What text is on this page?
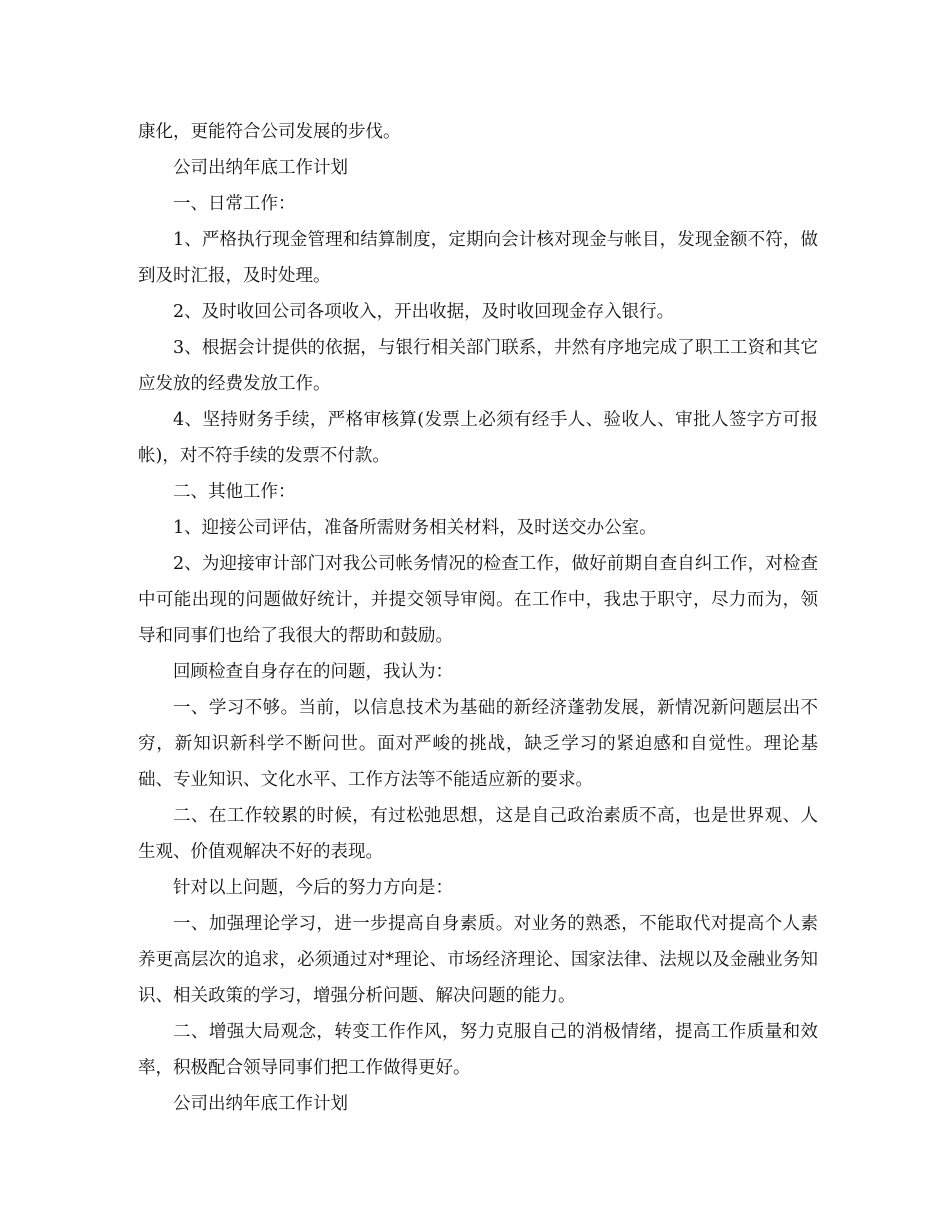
康化，更能符合公司发展的步伐。

公司出纳年底工作计划

一、日常工作：

1、严格执行现金管理和结算制度，定期向会计核对现金与帐目，发现金额不符，做到及时汇报，及时处理。

2、及时收回公司各项收入，开出收据，及时收回现金存入银行。

3、根据会计提供的依据，与银行相关部门联系，井然有序地完成了职工工资和其它应发放的经费发放工作。

4、坚持财务手续，严格审核算(发票上必须有经手人、验收人、审批人签字方可报帐)，对不符手续的发票不付款。

二、其他工作：

1、迎接公司评估，准备所需财务相关材料，及时送交办公室。

2、为迎接审计部门对我公司帐务情况的检查工作，做好前期自查自纠工作，对检查中可能出现的问题做好统计，并提交领导审阅。在工作中，我忠于职守，尽力而为，领导和同事们也给了我很大的帮助和鼓励。

回顾检查自身存在的问题，我认为：

一、学习不够。当前，以信息技术为基础的新经济蓬勃发展，新情况新问题层出不穷，新知识新科学不断问世。面对严峻的挑战，缺乏学习的紧迫感和自觉性。理论基础、专业知识、文化水平、工作方法等不能适应新的要求。

二、在工作较累的时候，有过松弛思想，这是自己政治素质不高，也是世界观、人生观、价值观解决不好的表现。

针对以上问题，今后的努力方向是：

一、加强理论学习，进一步提高自身素质。对业务的熟悉，不能取代对提高个人素养更高层次的追求，必须通过对*理论、市场经济理论、国家法律、法规以及金融业务知识、相关政策的学习，增强分析问题、解决问题的能力。

二、增强大局观念，转变工作作风，努力克服自己的消极情绪，提高工作质量和效率，积极配合领导同事们把工作做得更好。

公司出纳年底工作计划
